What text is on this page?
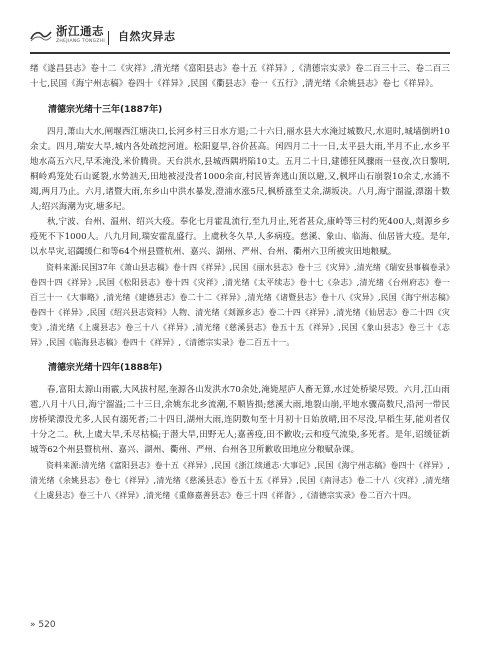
浙江通志
ZHEJIANG TONGZHI 自然灾异志

绪《遂昌县志》卷十二《灾祥》,清光绪《富阳县志》卷十五《祥异》,《清德宗实录》卷二百三十三、卷二百三十七,民国《海宁州志稿》卷四十《祥异》,民国《衢县志》卷一《五行》,清光绪《余姚县志》卷七《祥异》。

清德宗光绪十三年(1887年)

四月,萧山大水,闸堰西江塘决口,长河乡村三日水方退;二十六日,丽水县大水淹过城数尺,水退时,城墙倒坍10余丈。四月,瑞安大旱,城内各处疏挖河道。松阳夏旱,谷价甚高。闰四月二十一日,太平县大雨,半月不止,水乡平地水高五六尺,早禾淹没,米价腾贵。天台洪水,县城西隅坍陷10丈。五月二十日,建德狂风骤雨一昼夜,次日黎明,桐岭鸡笼处石山诞裂,水势汹天,田地被浸没者1000余亩,村民皆奔逃山顶以避,又,枫坪山石崩裂10余丈,水涌不竭,两月乃止。六月,诸暨大雨,东乡山中洪水暴发,澄浦水涨5尺,枫桥涨至丈余,湖坂决。八月,海宁溜溢,漂溺十数人;绍兴海潮为灾,塘多圮。

秋,宁波、台州、温州、绍兴大疫。奉化七月霍乱流行,至九月止,死者甚众,康岭等三村约死400人,剡源乡乡疫死不下1000人。八九月间,瑞安霍乱盛行。上虞秋冬久旱,人多病疫。慈溪、象山、临海、仙居皆大疫。是年,以水旱灾,诏蠲缓仁和等64个州县暨杭州、嘉兴、湖州、严州、台州、衢州六卫所被灾田地粮赋。

资料来源:民国37年《萧山县志稿》卷十四《祥异》,民国《丽水县志》卷十三《灾异》,清光绪《瑞安县事稿卷录》卷四十四《祥异》,民国《松阳县志》卷十四《灾祥》,清光绪《太平续志》卷十七《杂志》,清光绪《台州府志》卷一百三十一《大事略》,清光绪《建德县志》卷二十二《祥异》,清光绪《诸暨县志》卷十八《灾异》,民国《海宁州志稿》卷四十《祥异》,民国《绍兴县志资料》人物、清光绪《剡源乡志》卷二十四《祥异》,清光绪《仙居志》卷二十四《灾变》,清光绪《上虞县志》卷三十八《祥异》,清光绪《慈溪县志》卷五十五《祥异》,民国《象山县志》卷三十《志异》,民国《临海县志稿》卷四十《祥异》,《清德宗实录》卷二百五十一。

清德宗光绪十四年(1888年)

春,富阳太源山雨霰,大风拔村屋,奎源各山发洪水70余处,淹毙屋庐人畜无算,水过处桥梁尽毁。六月,江山雨雹,八月十八日,海宁溜溢;二十三日,余姚东北乡流潮,不顺皆损;慈溪大雨,地裂山崩,平地水骤高数尺,沿河一带民房桥梁漂没尤多,人民有溺死者;二十四日,湖州大雨,连阴数旬至十月初十日始放晴,田不尽没,早稻生芽,能刈者仅十分之二。秋,上虞大旱,禾尽枯槁;于潜大旱,田野无人;嘉善疫,田不歉收;云和疫气流染,多死者。是年,诏缓征新城等62个州县暨杭州、嘉兴、湖州、衢州、严州、台州各卫所歉收田地应分粮赋杂课。

资料来源:清光绪《富阳县志》卷十五《祥异》,民国《浙江续通志·大事记》,民国《海宁州志稿》卷四十《祥异》,清光绪《余姚县志》卷七《祥异》,清光绪《慈溪县志》卷五十五《祥异》,民国《南浔志》卷二十八《灾祥》,清光绪《上虞县志》卷三十八《祥异》,清光绪《重修嘉善县志》卷三十四《祥眚》,《清德宗实录》卷二百六十四。

» 520
